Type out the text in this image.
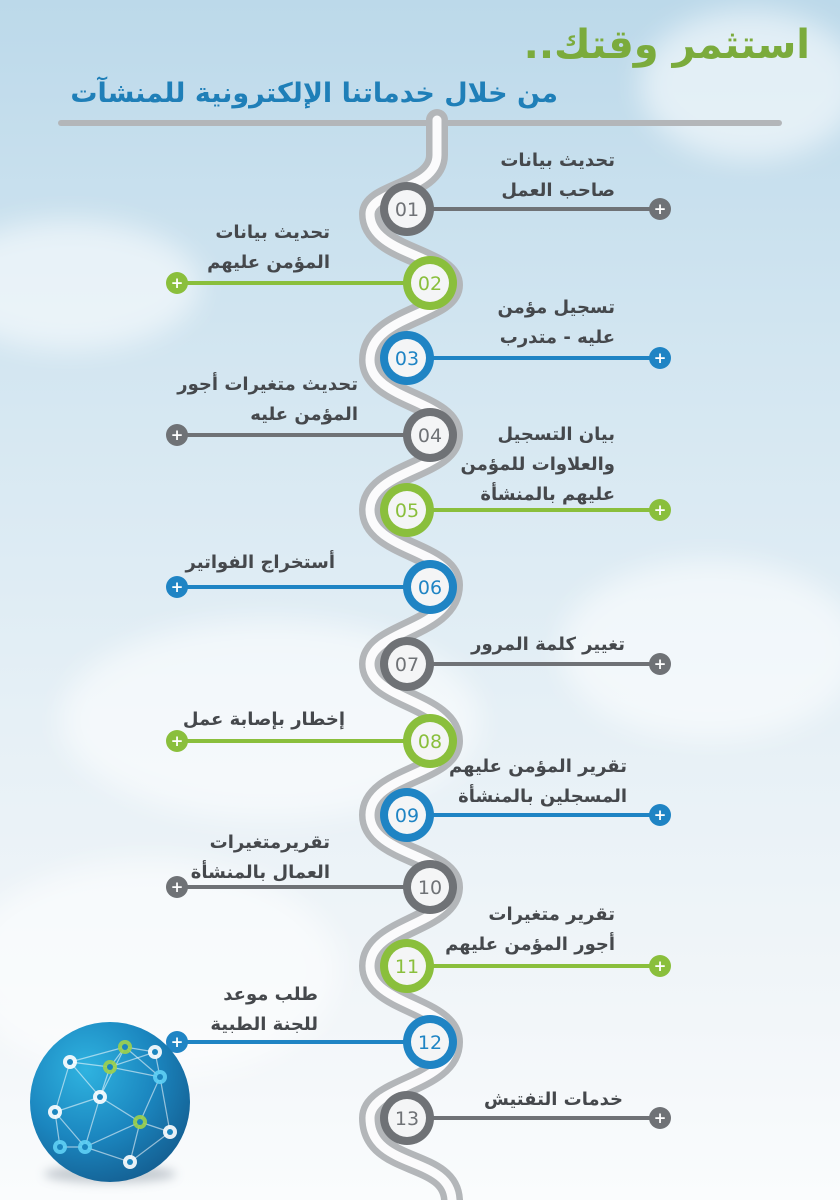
استثمر وقتك..
من خلال خدماتنا الإلكترونية للمنشآت
+
01
+	02
+
03
+	04
+
05
+	06
+
07
+	08
+
09
+	10
+
11
+	12
+
13
تحديث بيانات
صاحب العمل
تحديث بيانات
المؤمن عليهم
تسجيل مؤمن
عليه - متدرب
تحديث متغيرات أجور
المؤمن عليه
بيان التسجيل
والعلاوات للمؤمن
عليهم بالمنشأة
أستخراج الفواتير
تغيير كلمة المرور
إخطار بإصابة عمل
تقرير المؤمن عليهم
المسجلين بالمنشأة
تقريرمتغيرات
العمال بالمنشأة
تقرير متغيرات
أجور المؤمن عليهم
طلب موعد
للجنة الطبية
خدمات التفتيش
